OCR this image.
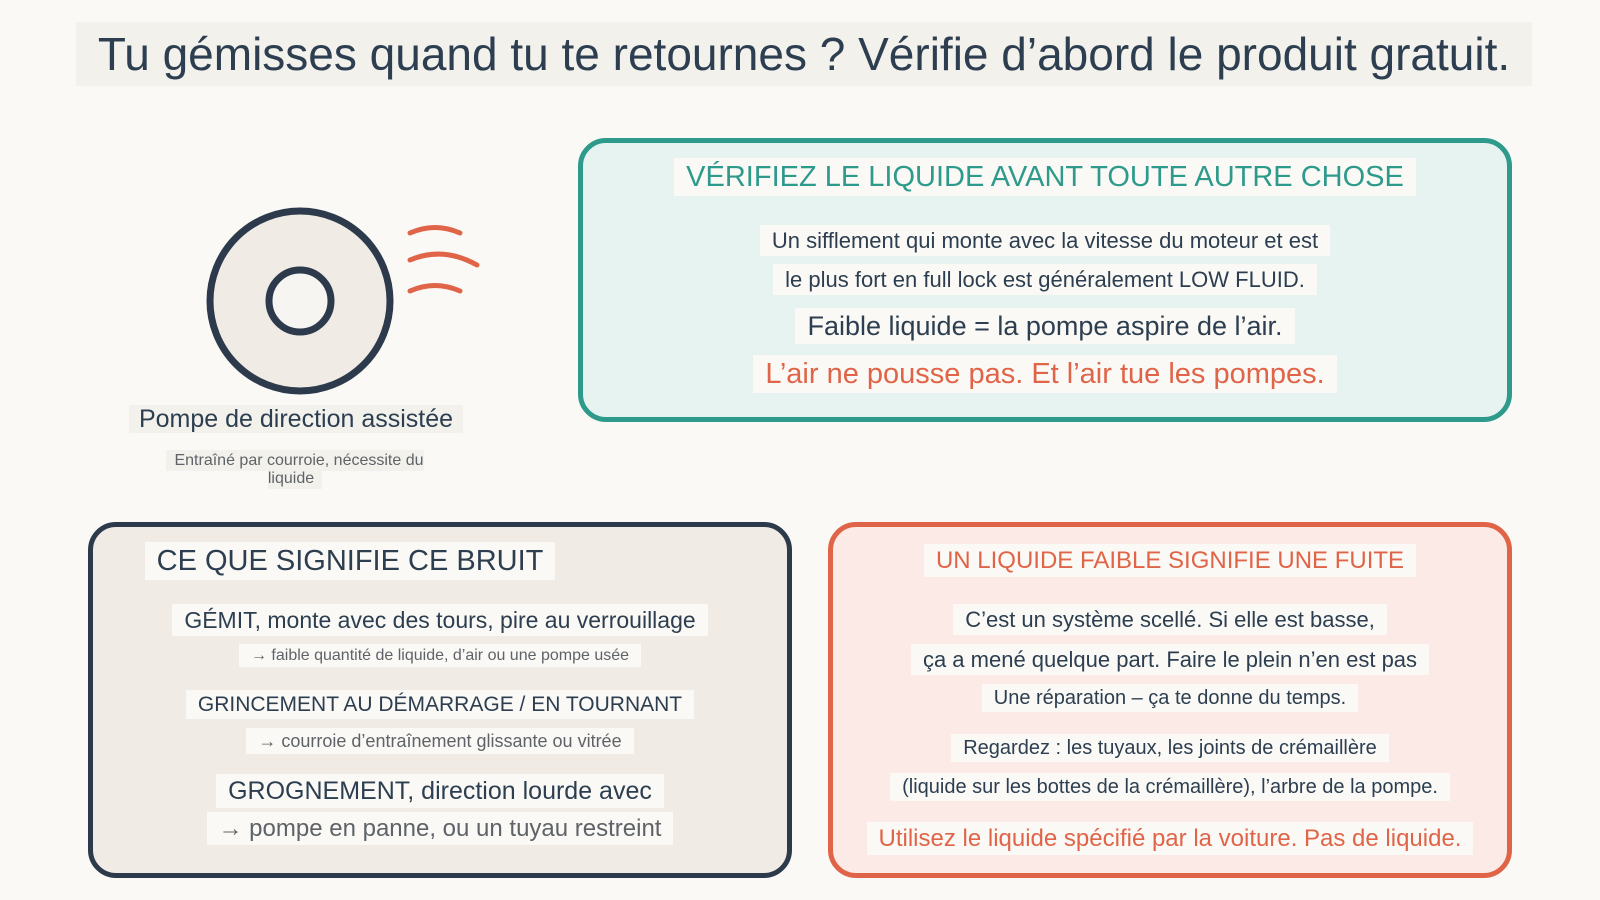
Tu gémisses quand tu te retournes ? Vérifie d’abord le produit gratuit.
Pompe de direction assistée
Entraîné par courroie, nécessite du liquide
VÉRIFIEZ LE LIQUIDE AVANT TOUTE AUTRE CHOSE
Un sifflement qui monte avec la vitesse du moteur et est
le plus fort en full lock est généralement LOW FLUID.
Faible liquide = la pompe aspire de l’air.
L’air ne pousse pas. Et l’air tue les pompes.
CE QUE SIGNIFIE CE BRUIT
GÉMIT, monte avec des tours, pire au verrouillage
→ faible quantité de liquide, d’air ou une pompe usée
GRINCEMENT AU DÉMARRAGE / EN TOURNANT
→ courroie d’entraînement glissante ou vitrée
GROGNEMENT, direction lourde avec
→ pompe en panne, ou un tuyau restreint
UN LIQUIDE FAIBLE SIGNIFIE UNE FUITE
C’est un système scellé. Si elle est basse,
ça a mené quelque part. Faire le plein n’en est pas
Une réparation – ça te donne du temps.
Regardez : les tuyaux, les joints de crémaillère
(liquide sur les bottes de la crémaillère), l’arbre de la pompe.
Utilisez le liquide spécifié par la voiture. Pas de liquide.
